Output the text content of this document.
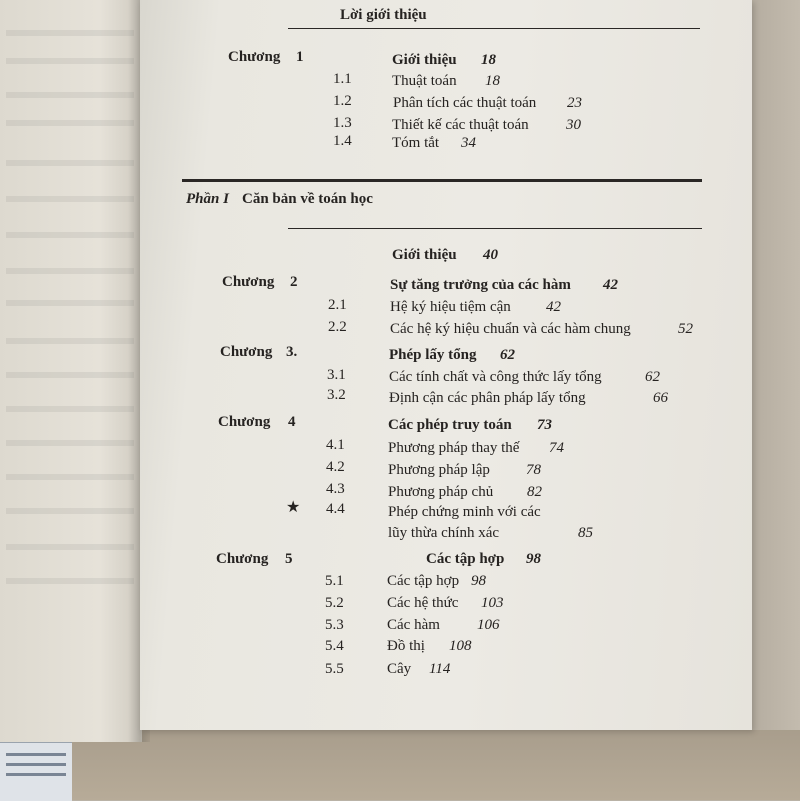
Lời giới thiệu
Chương 1	Giới thiệu 18
1.1	Thuật toán 18
1.2	Phân tích các thuật toán 23
1.3	Thiết kế các thuật toán 30
1.4	Tóm tắt 34
Phần I Căn bản về toán học
Giới thiệu 40
Chương 2	Sự tăng trưởng của các hàm 42
2.1	Hệ ký hiệu tiệm cận 42
2.2	Các hệ ký hiệu chuẩn và các hàm chung	52
Chương 3.	Phép lấy tổng 62
3.1	Các tính chất và công thức lấy tổng	62
3.2	Định cận các phân pháp lấy tổng	66
Chương 4	Các phép truy toán 73
4.1	Phương pháp thay thế 74
4.2	Phương pháp lập 78
4.3	Phương pháp chủ 82
★ 4.4	Phép chứng minh với các
lũy thừa chính xác	85
Chương 5	Các tập hợp 98
5.1	Các tập hợp 98
5.2	Các hệ thức 103
5.3	Các hàm 106
5.4	Đồ thị 108
5.5	Cây 114
